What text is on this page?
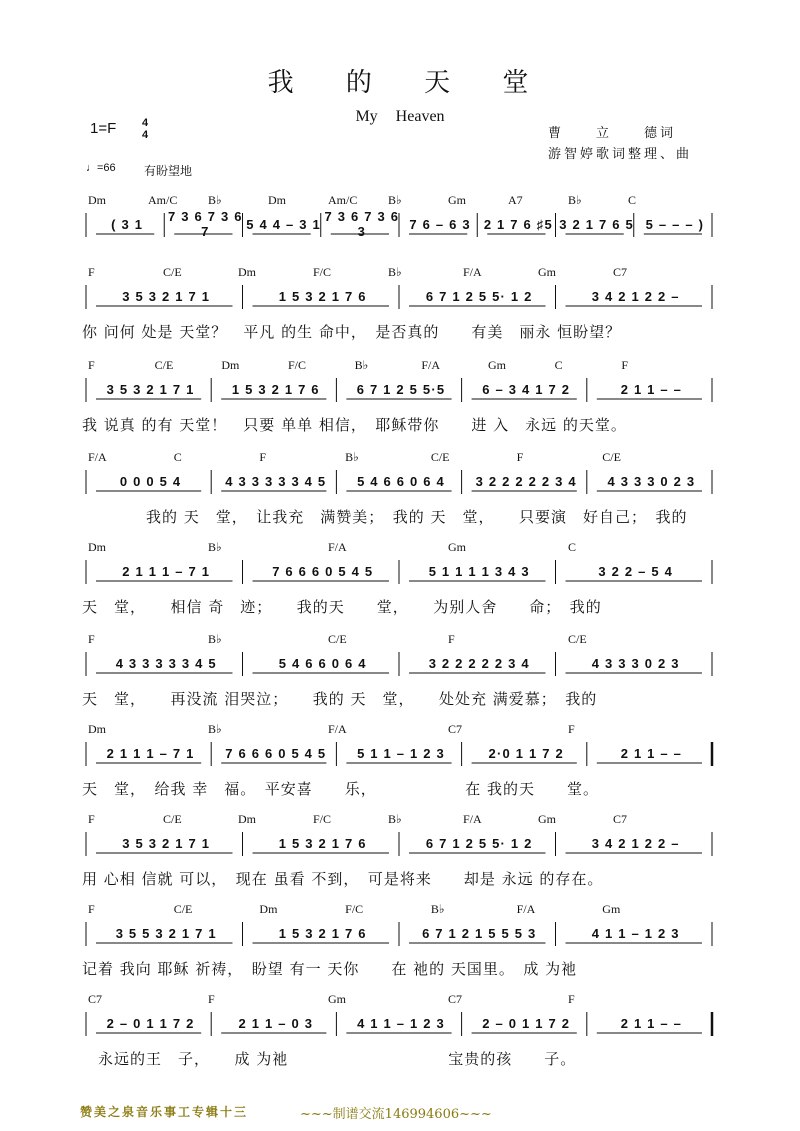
我 的 天 堂
My Heaven
1=F 4
4	曹　　立　　德词
游智婷歌词整理、曲
♩=66 有盼望地
Dm	Am/C	B♭	Dm	Am/C	B♭	Gm	A7	B♭	C
( 3 1	7 3 6 7 3 6 7	5 4 4 – 3 1 7 3 6 7 3 6 3	7 6 – 6 3 2 1 7 6 ♯5 3 2 1 7 6 5 5 – – – )
F	C/E	Dm	F/C	B♭	F/A	Gm	C7
3 5 3 2 1 7 1	1 5 3 2 1 7 6	6 7 1 2 5 5· 1 2	3 4 2 1 2 2 –
你 问何 处是 天堂？　平凡 的生 命中，　是否真的　　有美　丽永 恒盼望？
F	C/E	Dm	F/C	B♭	F/A	Gm	C	F
3 5 3 2 1 7 1	1 5 3 2 1 7 6	6 7 1 2 5 5·5	6 – 3 4 1 7 2	2 1 1 – –
我 说真 的有 天堂！　只要 单单 相信，　耶稣带你　　进 入　永远 的天堂。
F/A	C	F	B♭	C/E	F	C/E
0 0 0 5 4	4 3 3 3 3 3 4 5	5 4 6 6 0 6 4	3 2 2 2 2 2 3 4	4 3 3 3 0 2 3
　　　　我的 天　堂，　让我充　满赞美；　我的 天　堂，　　只要演　好自己；　我的
Dm	B♭	F/A	Gm	C
2 1 1 1 – 7 1	7 6 6 6 0 5 4 5	5 1 1 1 1 3 4 3	3 2 2 – 5 4
天　堂，　　相信 奇　迹；　　我的天　　堂，　　为别人舍　　命；　我的
F	B♭	C/E	F	C/E
4 3 3 3 3 3 4 5	5 4 6 6 0 6 4	3 2 2 2 2 2 3 4	4 3 3 3 0 2 3
天　堂，　　再没流 泪哭泣；　　我的 天　堂，　　处处充 满爱慕；　我的
Dm	B♭	F/A	C7	F
2 1 1 1 – 7 1	7 6 6 6 0 5 4 5	5 1 1 – 1 2 3	2·0 1 1 7 2	2 1 1 – –
天　堂，　给我 幸　福。　平安喜　　乐，　　　　　　在 我的天　　堂。
F	C/E	Dm	F/C	B♭	F/A	Gm	C7
3 5 3 2 1 7 1	1 5 3 2 1 7 6	6 7 1 2 5 5· 1 2	3 4 2 1 2 2 –
用 心相 信就 可以，　现在 虽看 不到，　可是将来　　却是 永远 的存在。
F	C/E	Dm	F/C	B♭	F/A	Gm
3 5 5 3 2 1 7 1	1 5 3 2 1 7 6	6 7 1 2 1 5 5 5 3	4 1 1 – 1 2 3
记着 我向 耶稣 祈祷，　盼望 有一 天你　　在 祂的 天国里。　成 为祂
C7	F	Gm	C7	F
2 – 0 1 1 7 2	2 1 1 – 0 3	4 1 1 – 1 2 3	2 – 0 1 1 7 2	2 1 1 – –
　永远的王　子，　　成 为祂　　　　　　　　　　宝贵的孩　　子。
赞美之泉音乐事工专辑十三	~~~制谱交流146994606~~~
